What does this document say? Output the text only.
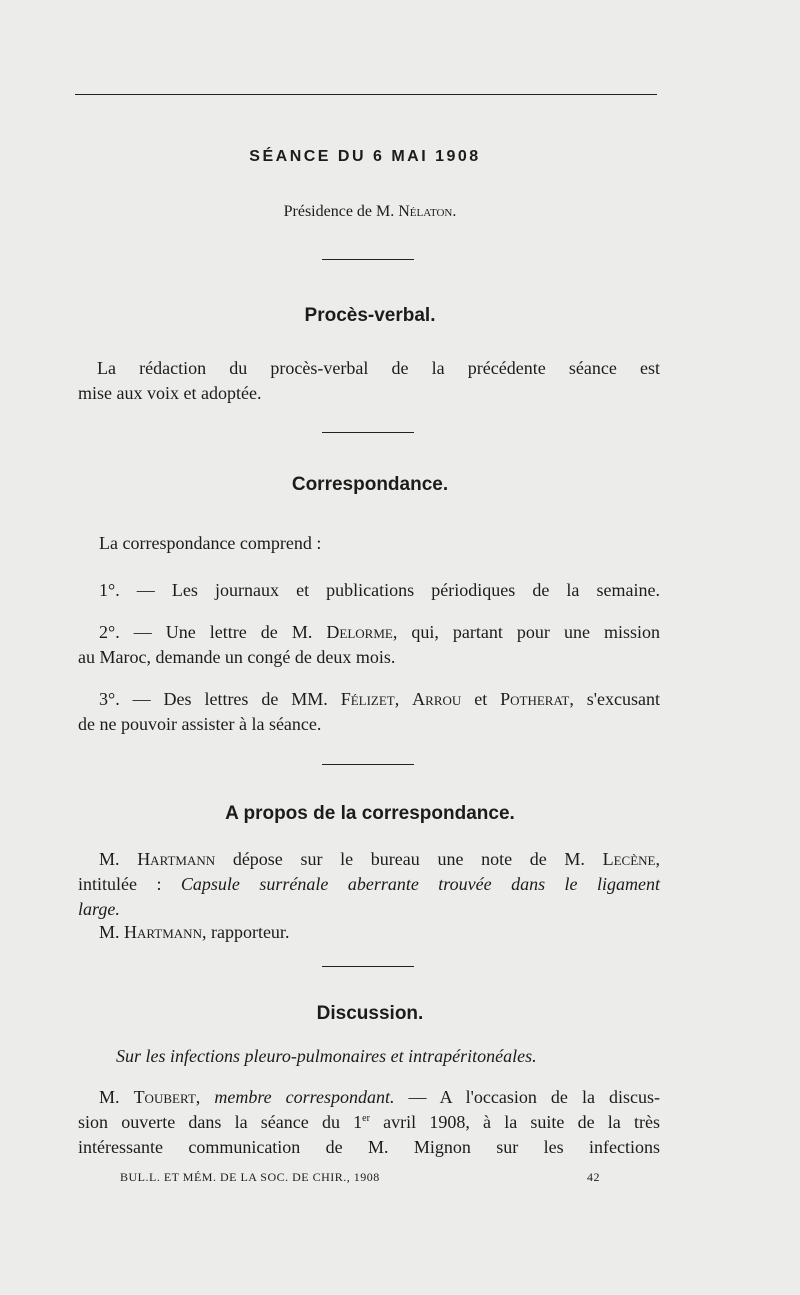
SÉANCE DU 6 MAI 1908
Présidence de M. Nélaton.
Procès-verbal.
La rédaction du procès-verbal de la précédente séance est
mise aux voix et adoptée.
Correspondance.
La correspondance comprend :
1°. — Les journaux et publications périodiques de la semaine.
2°. — Une lettre de M. Delorme, qui, partant pour une mission
au Maroc, demande un congé de deux mois.
3°. — Des lettres de MM. Félizet, Arrou et Potherat, s'excusant
de ne pouvoir assister à la séance.
A propos de la correspondance.
M. Hartmann dépose sur le bureau une note de M. Lecène,
intitulée : Capsule surrénale aberrante trouvée dans le ligament
large.
M. Hartmann, rapporteur.
Discussion.
Sur les infections pleuro-pulmonaires et intrapéritonéales.
M. Toubert, membre correspondant. — A l'occasion de la discus-
sion ouverte dans la séance du 1er avril 1908, à la suite de la très
intéressante communication de M. Mignon sur les infections
BUL.L. ET MÉM. DE LA SOC. DE CHIR., 1908	42
